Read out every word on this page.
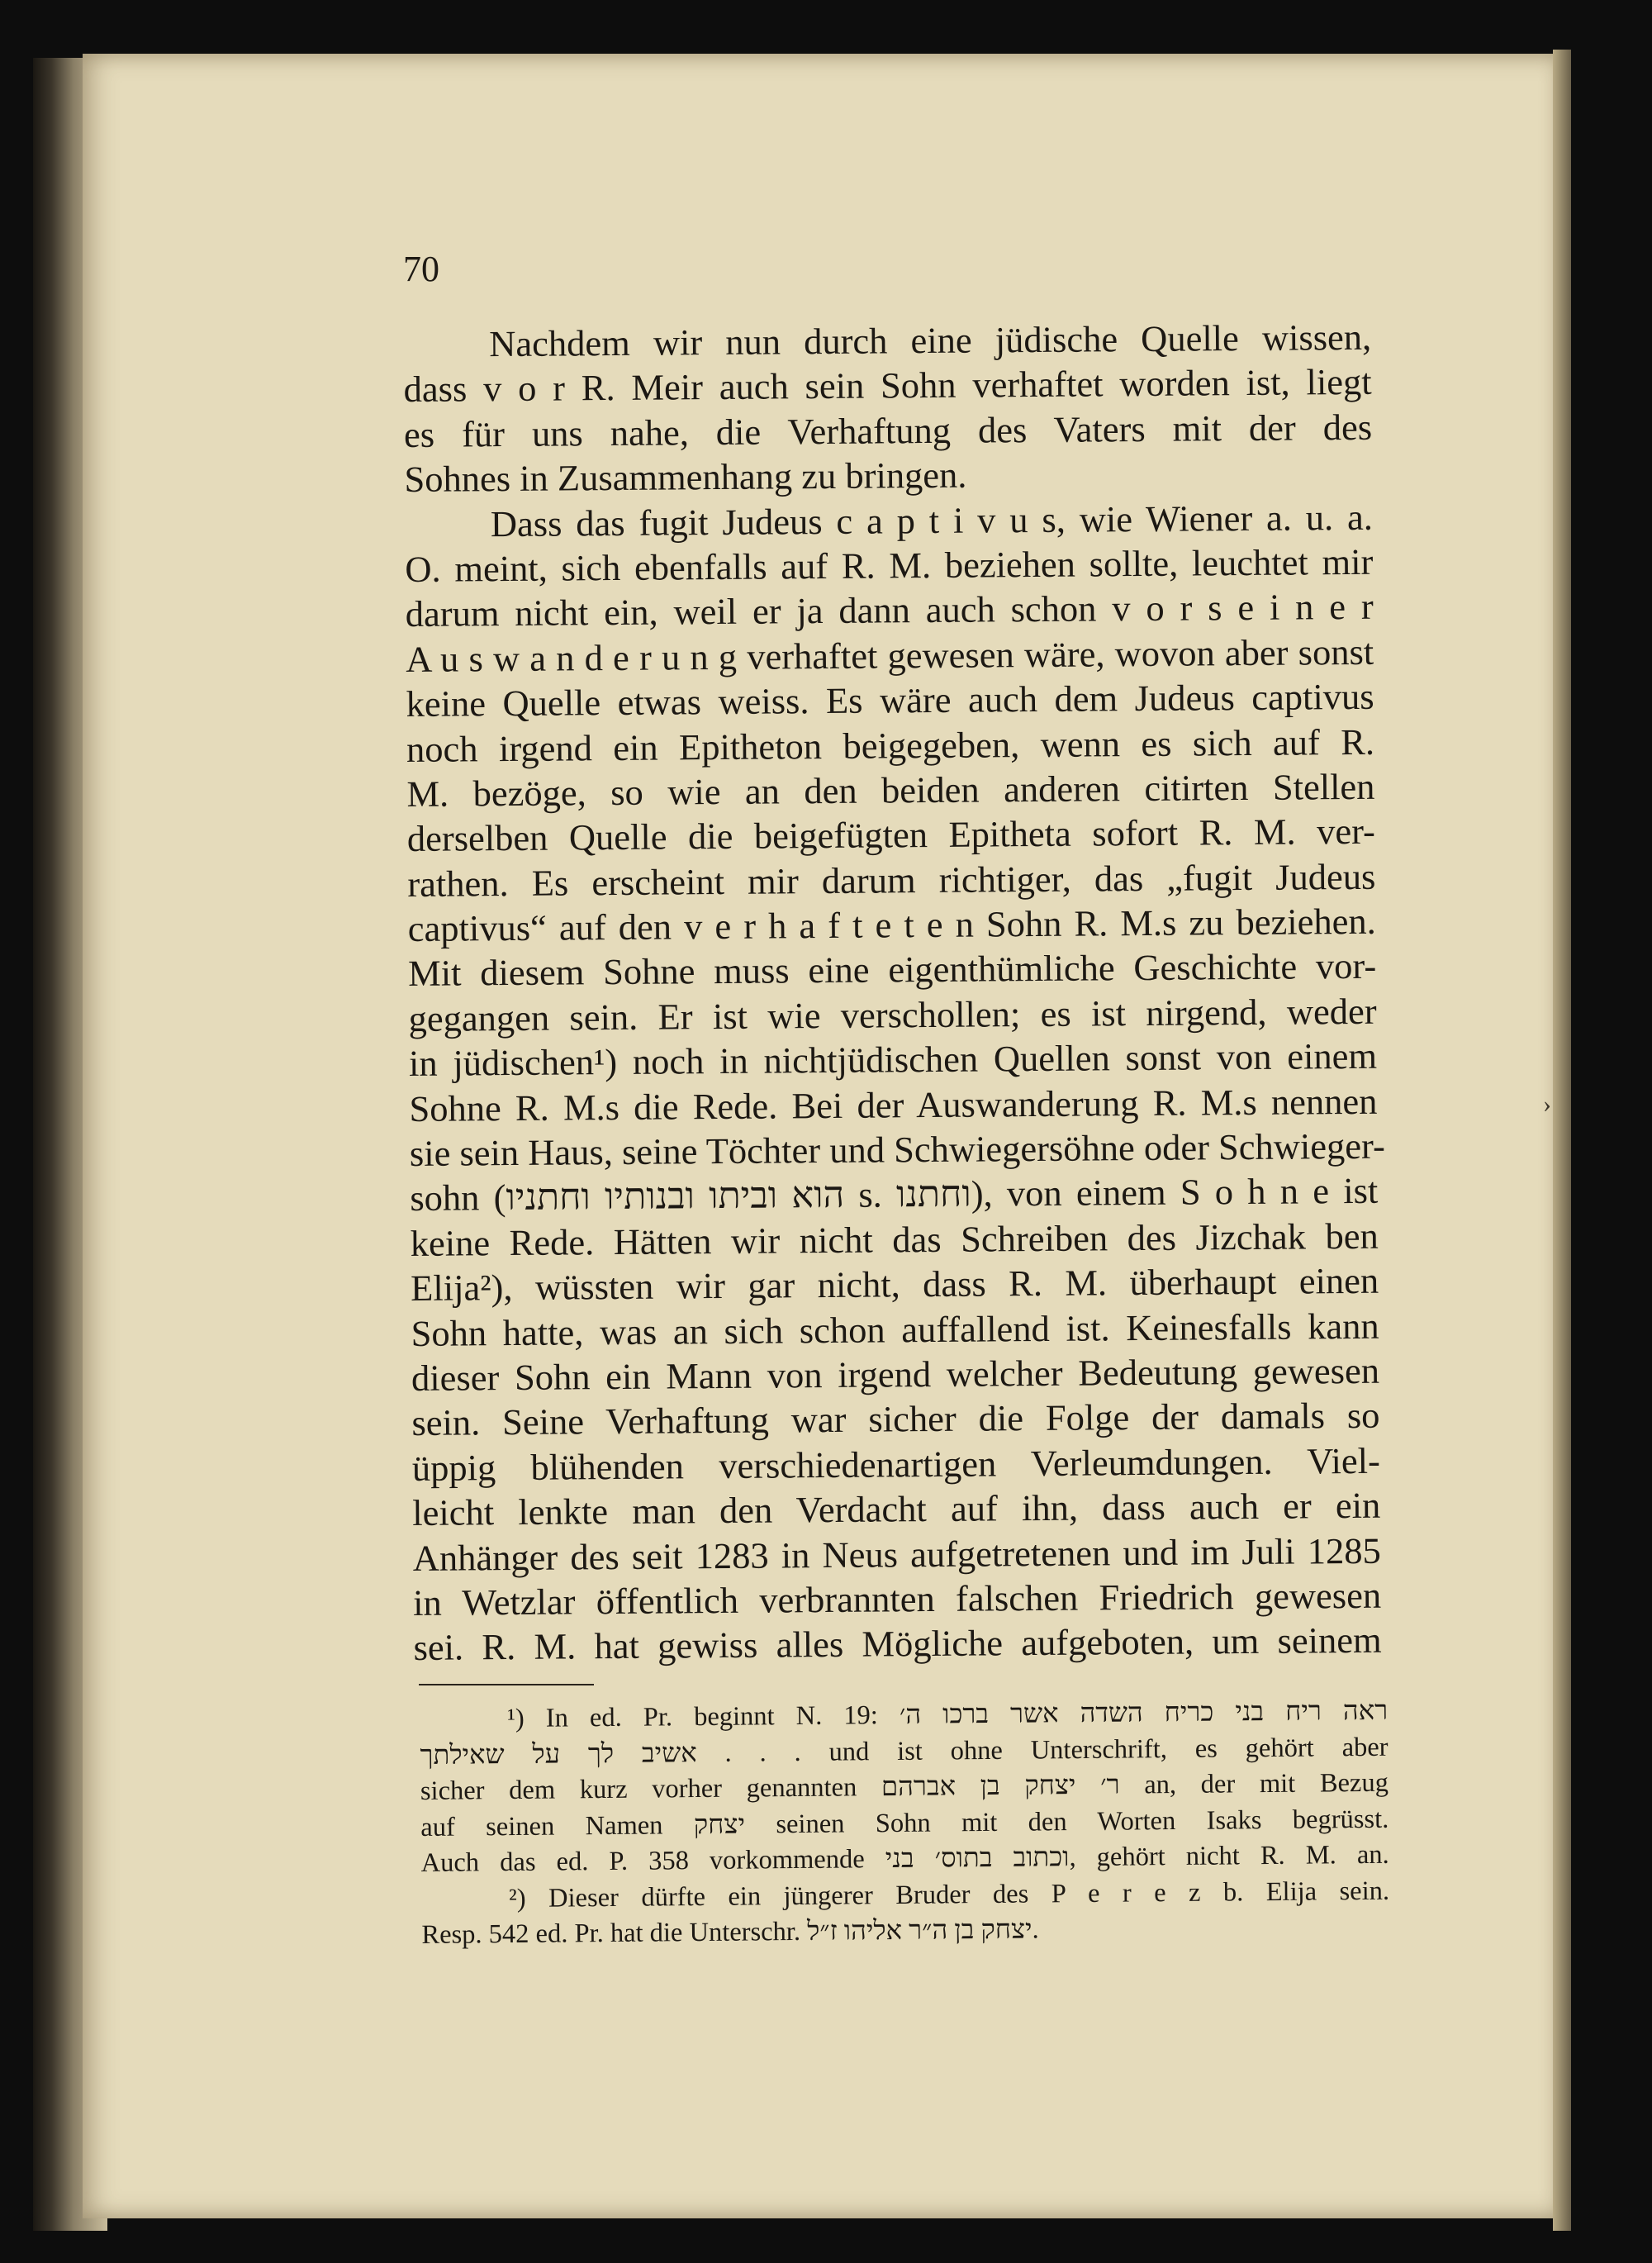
70
Nachdem wir nun durch eine jüdische Quelle wissen,
dass v o r R. Meir auch sein Sohn verhaftet worden ist, liegt
es für uns nahe, die Verhaftung des Vaters mit der des
Sohnes in Zusammenhang zu bringen.
Dass das fugit Judeus c a p t i v u s, wie Wiener a. u. a.
O. meint, sich ebenfalls auf R. M. beziehen sollte, leuchtet mir
darum nicht ein, weil er ja dann auch schon v o r s e i n e r
A u s w a n d e r u n g verhaftet gewesen wäre, wovon aber sonst
keine Quelle etwas weiss. Es wäre auch dem Judeus captivus
noch irgend ein Epitheton beigegeben, wenn es sich auf R.
M. bezöge, so wie an den beiden anderen citirten Stellen
derselben Quelle die beigefügten Epitheta sofort R. M. ver-
rathen. Es erscheint mir darum richtiger, das „fugit Judeus
captivus“ auf den v e r h a f t e t e n Sohn R. M.s zu beziehen.
Mit diesem Sohne muss eine eigenthümliche Geschichte vor-
gegangen sein. Er ist wie verschollen; es ist nirgend, weder
in jüdischen¹) noch in nichtjüdischen Quellen sonst von einem
Sohne R. M.s die Rede. Bei der Auswanderung R. M.s nennen
sie sein Haus, seine Töchter und Schwiegersöhne oder Schwieger-
sohn (הוא וביתו ובנותיו וחתניו s. וחתנו), von einem S o h n e ist
keine Rede. Hätten wir nicht das Schreiben des Jizchak ben
Elija²), wüssten wir gar nicht, dass R. M. überhaupt einen
Sohn hatte, was an sich schon auffallend ist. Keinesfalls kann
dieser Sohn ein Mann von irgend welcher Bedeutung gewesen
sein. Seine Verhaftung war sicher die Folge der damals so
üppig blühenden verschiedenartigen Verleumdungen. Viel-
leicht lenkte man den Verdacht auf ihn, dass auch er ein
Anhänger des seit 1283 in Neus aufgetretenen und im Juli 1285
in Wetzlar öffentlich verbrannten falschen Friedrich gewesen
sei. R. M. hat gewiss alles Mögliche aufgeboten, um seinem
¹) In ed. Pr. beginnt N. 19: ראה ריח בני כריח השדה אשר ברכו ה׳
אשיב לך על שאילתך . . . und ist ohne Unterschrift, es gehört aber
sicher dem kurz vorher genannten ר׳ יצחק בן אברהם an, der mit Bezug
auf seinen Namen יצחק seinen Sohn mit den Worten Isaks begrüsst.
Auch das ed. P. 358 vorkommende וכתוב בתוס׳ בני, gehört nicht R. M. an.
²) Dieser dürfte ein jüngerer Bruder des P e r e z b. Elija sein.
Resp. 542 ed. Pr. hat die Unterschr. יצחק בן ה״ר אליהו ז״ל.
›
